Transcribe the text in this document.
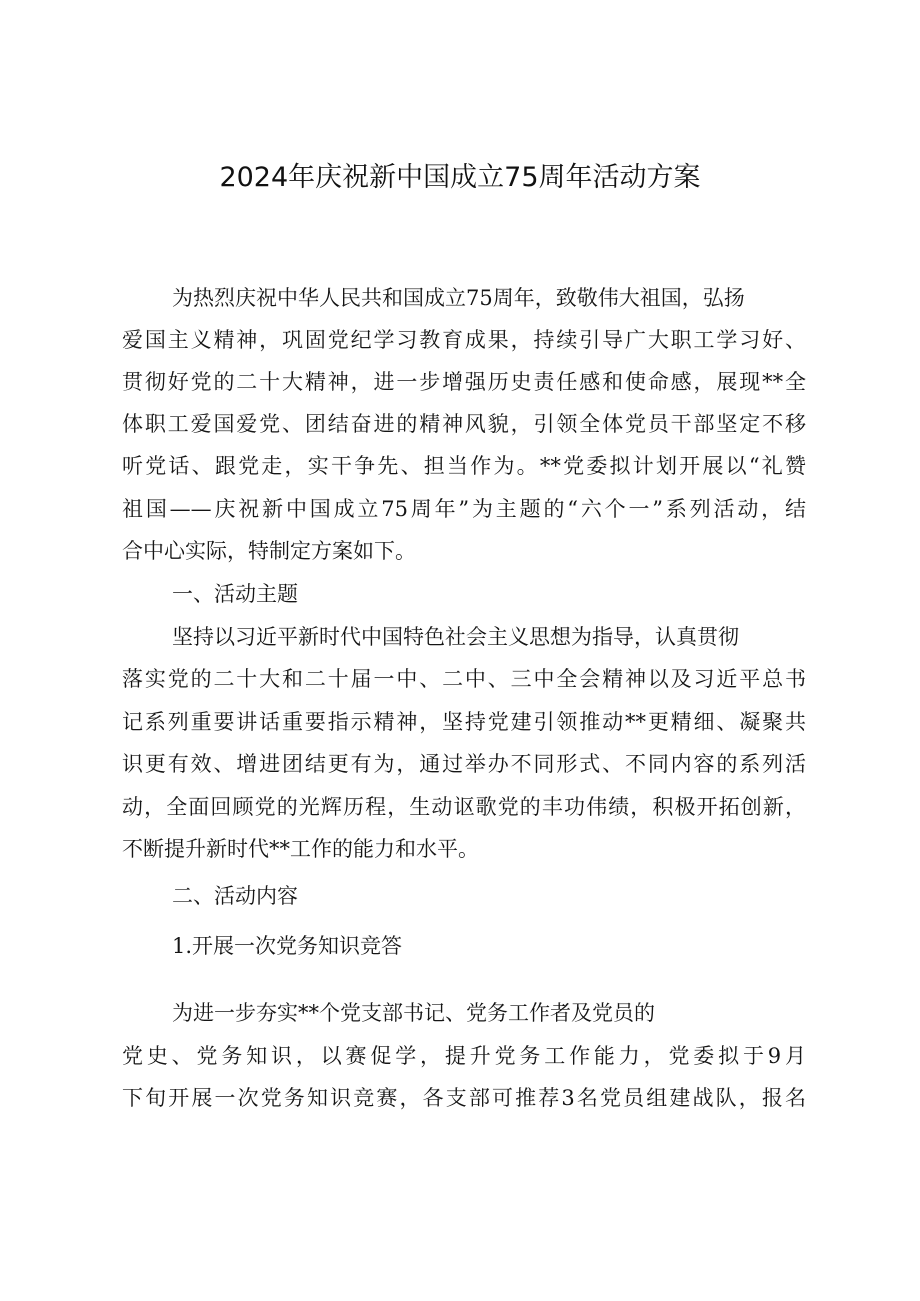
2024年庆祝新中国成立75周年活动方案
为热烈庆祝中华人民共和国成立75周年，致敬伟大祖国，弘扬
爱国主义精神，巩固党纪学习教育成果，持续引导广大职工学习好、
贯彻好党的二十大精神，进一步增强历史责任感和使命感，展现**全
体职工爱国爱党、团结奋进的精神风貌，引领全体党员干部坚定不移
听党话、跟党走，实干争先、担当作为。**党委拟计划开展以“礼赞
祖国——庆祝新中国成立75周年”为主题的“六个一”系列活动，结
合中心实际，特制定方案如下。
一、活动主题
坚持以习近平新时代中国特色社会主义思想为指导，认真贯彻
落实党的二十大和二十届一中、二中、三中全会精神以及习近平总书
记系列重要讲话重要指示精神，坚持党建引领推动**更精细、凝聚共
识更有效、增进团结更有为，通过举办不同形式、不同内容的系列活
动，全面回顾党的光辉历程，生动讴歌党的丰功伟绩，积极开拓创新，
不断提升新时代**工作的能力和水平。
二、活动内容
1.开展一次党务知识竞答
为进一步夯实**个党支部书记、党务工作者及党员的
党史、党务知识，以赛促学，提升党务工作能力，党委拟于9月
下旬开展一次党务知识竞赛，各支部可推荐3名党员组建战队，报名
